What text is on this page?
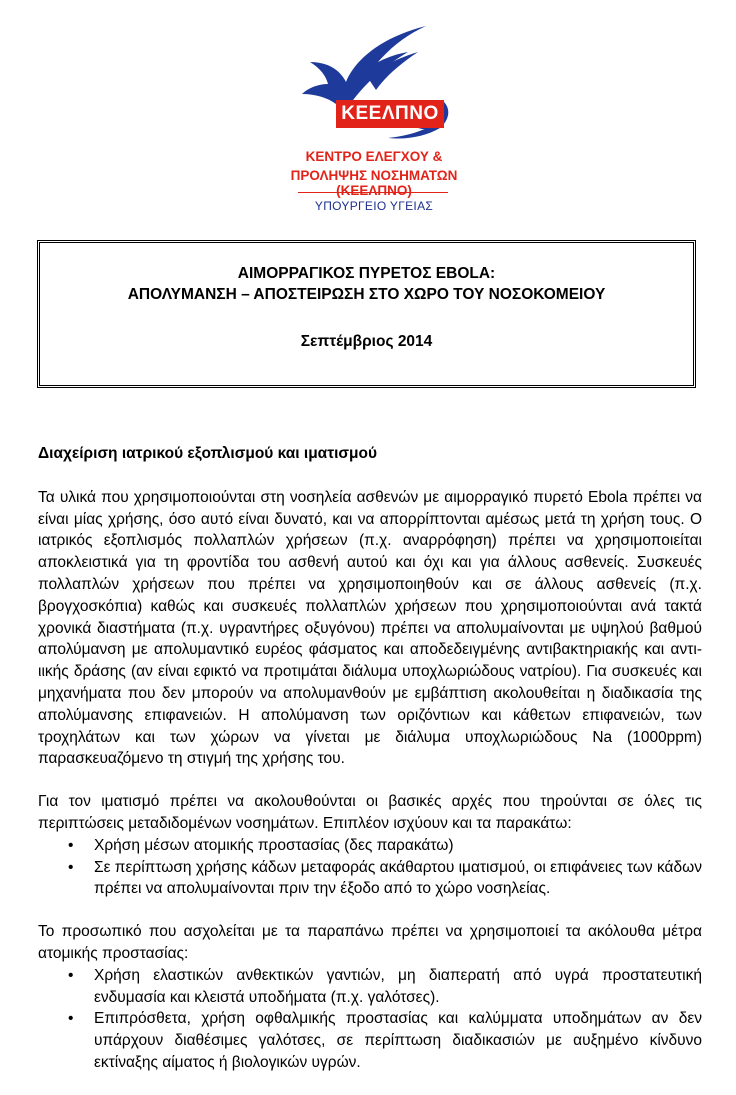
ΚΕΕΛΠΝΟ
ΚΕΝΤΡΟ ΕΛΕΓΧΟΥ &
ΠΡΟΛΗΨΗΣ ΝΟΣΗΜΑΤΩΝ (ΚΕΕΛΠΝΟ)
ΥΠΟΥΡΓΕΙΟ ΥΓΕΙΑΣ
ΑΙΜΟΡΡΑΓΙΚΟΣ ΠΥΡΕΤΟΣ EBOLA:
ΑΠΟΛΥΜΑΝΣΗ – ΑΠΟΣΤΕΙΡΩΣΗ ΣΤΟ ΧΩΡΟ ΤΟΥ ΝΟΣΟΚΟΜΕΙΟΥ
Σεπτέμβριος 2014
Διαχείριση ιατρικού εξοπλισμού και ιματισμού

Τα υλικά που χρησιμοποιούνται στη νοσηλεία ασθενών με αιμορραγικό πυρετό Ebola πρέπει να είναι μίας χρήσης, όσο αυτό είναι δυνατό, και να απορρίπτονται αμέσως μετά τη χρήση τους. Ο ιατρικός εξοπλισμός πολλαπλών χρήσεων (π.χ. αναρρόφηση) πρέπει να χρησιμοποιείται αποκλειστικά για τη φροντίδα του ασθενή αυτού και όχι και για άλλους ασθενείς. Συσκευές πολλαπλών χρήσεων που πρέπει να χρησιμοποιηθούν και σε άλλους ασθενείς (π.χ. βρογχοσκόπια) καθώς και συσκευές πολλαπλών χρήσεων που χρησιμοποιούνται ανά τακτά χρονικά διαστήματα (π.χ. υγραντήρες οξυγόνου) πρέπει να απολυμαίνονται με υψηλού βαθμού απολύμανση με απολυμαντικό ευρέος φάσματος και αποδεδειγμένης αντιβακτηριακής και αντι-ιικής δράσης (αν είναι εφικτό να προτιμάται διάλυμα υποχλωριώδους νατρίου). Για συσκευές και μηχανήματα που δεν μπορούν να απολυμανθούν με εμβάπτιση ακολουθείται η διαδικασία της απολύμανσης επιφανειών. Η απολύμανση των οριζόντιων και κάθετων επιφανειών, των τροχηλάτων και των χώρων να γίνεται με διάλυμα υποχλωριώδους Na (1000ppm) παρασκευαζόμενο τη στιγμή της χρήσης του.

Για τον ιματισμό πρέπει να ακολουθούνται οι βασικές αρχές που τηρούνται σε όλες τις περιπτώσεις μεταδιδομένων νοσημάτων. Επιπλέον ισχύουν και τα παρακάτω:

• Χρήση μέσων ατομικής προστασίας (δες παρακάτω)
• Σε περίπτωση χρήσης κάδων μεταφοράς ακάθαρτου ιματισμού, οι επιφάνειες των κάδων πρέπει να απολυμαίνονται πριν την έξοδο από το χώρο νοσηλείας.

Το προσωπικό που ασχολείται με τα παραπάνω πρέπει να χρησιμοποιεί τα ακόλουθα μέτρα ατομικής προστασίας:

• Χρήση ελαστικών ανθεκτικών γαντιών, μη διαπερατή από υγρά προστατευτική ενδυμασία και κλειστά υποδήματα (π.χ. γαλότσες).
• Επιπρόσθετα, χρήση οφθαλμικής προστασίας και καλύμματα υποδημάτων αν δεν υπάρχουν διαθέσιμες γαλότσες, σε περίπτωση διαδικασιών με αυξημένο κίνδυνο εκτίναξης αίματος ή βιολογικών υγρών.
